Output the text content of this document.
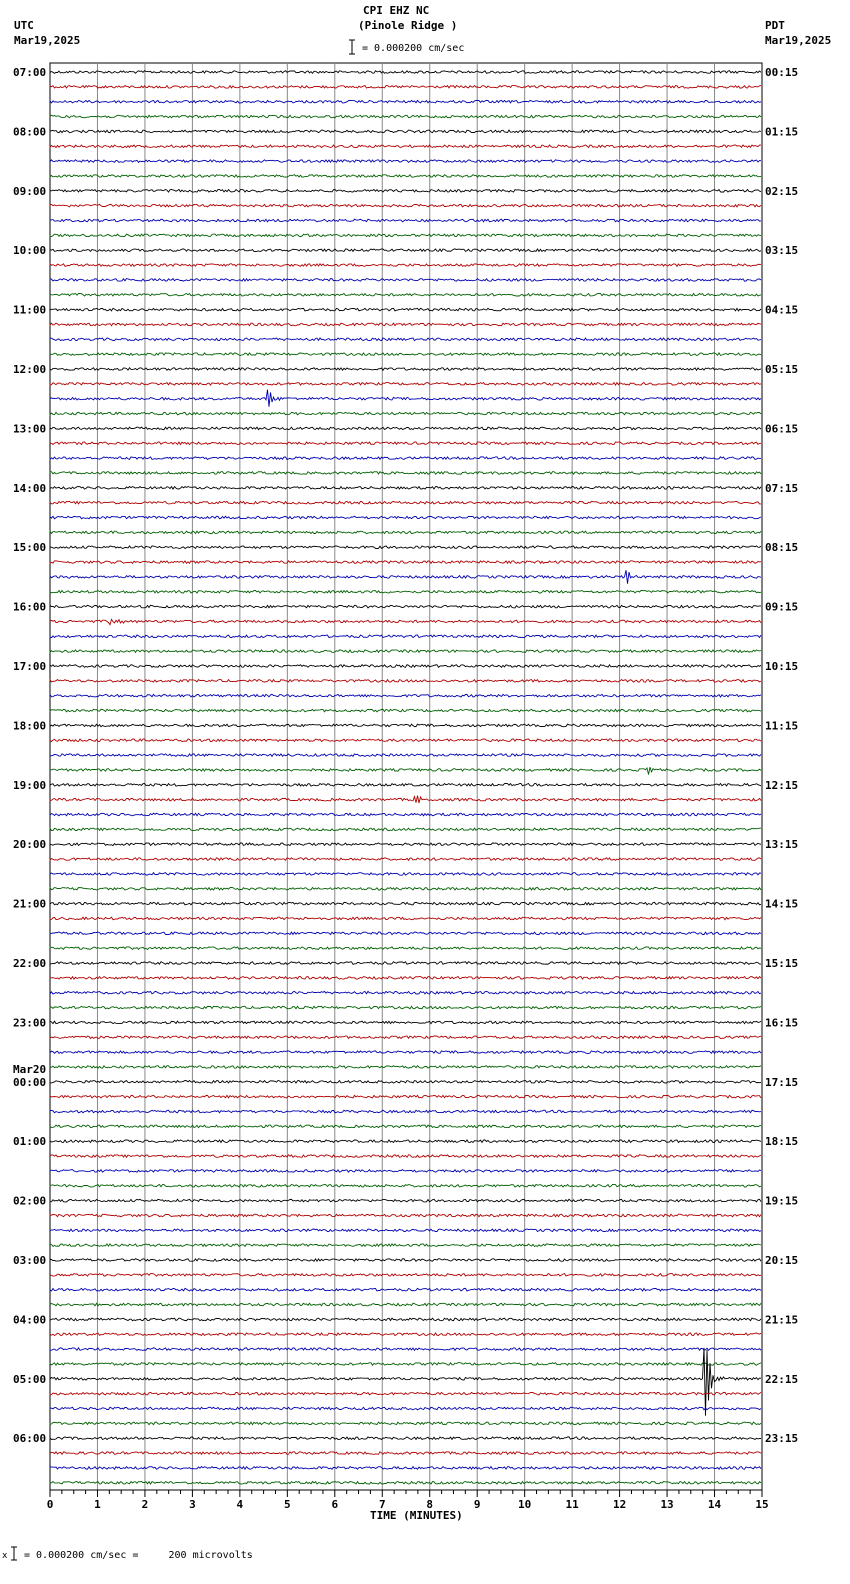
UTC
Mar19,2025
CPI EHZ NC
(Pinole Ridge )
= 0.000200 cm/sec
PDT
Mar19,2025
07:00
08:00
09:00
10:00
11:00
12:00
13:00
14:00
15:00
16:00
17:00
18:00
19:00
20:00
21:00
22:00
23:00
Mar20
00:00
01:00
02:00
03:00
04:00
05:00
06:00
00:15
01:15
02:15
03:15
04:15
05:15
06:15
07:15
08:15
09:15
10:15
11:15
12:15
13:15
14:15
15:15
16:15
17:15
18:15
19:15
20:15
21:15
22:15
23:15
0	1	2	3	4	5	6	7	8	9	10	11	12	13	14	15
TIME (MINUTES)
x = 0.000200 cm/sec =     200 microvolts
